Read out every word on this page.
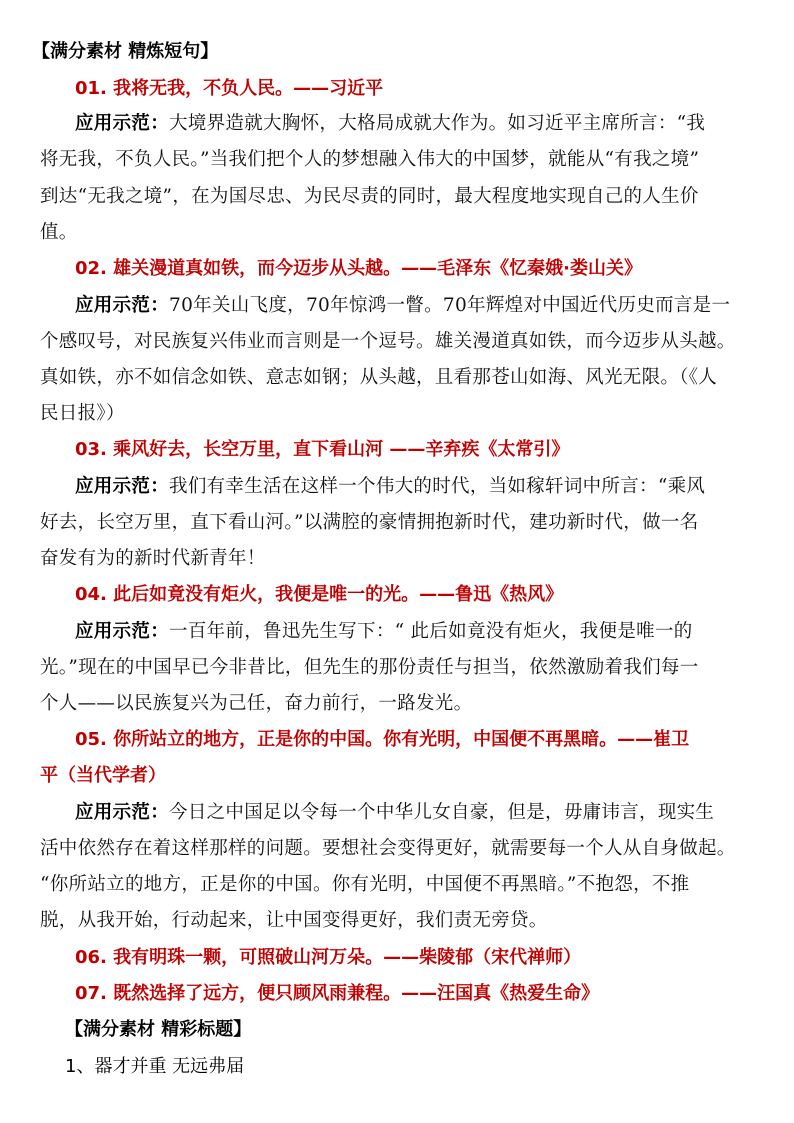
【满分素材 精炼短句】
01. 我将无我，不负人民。——习近平
应用示范：大境界造就大胸怀，大格局成就大作为。如习近平主席所言：“我
将无我，不负人民。”当我们把个人的梦想融入伟大的中国梦，就能从“有我之境”
到达“无我之境”，在为国尽忠、为民尽责的同时，最大程度地实现自己的人生价
值。
02. 雄关漫道真如铁，而今迈步从头越。——毛泽东《忆秦娥·娄山关》
应用示范：70年关山飞度，70年惊鸿一瞥。70年辉煌对中国近代历史而言是一
个感叹号，对民族复兴伟业而言则是一个逗号。雄关漫道真如铁，而今迈步从头越。
真如铁，亦不如信念如铁、意志如钢；从头越，且看那苍山如海、风光无限。（《人
民日报》）
03. 乘风好去，长空万里，直下看山河 ——辛弃疾《太常引》
应用示范：我们有幸生活在这样一个伟大的时代，当如稼轩词中所言：“乘风
好去，长空万里，直下看山河。”以满腔的豪情拥抱新时代，建功新时代，做一名
奋发有为的新时代新青年！
04. 此后如竟没有炬火，我便是唯一的光。——鲁迅《热风》
应用示范：一百年前，鲁迅先生写下：“ 此后如竟没有炬火，我便是唯一的
光。”现在的中国早已今非昔比，但先生的那份责任与担当，依然激励着我们每一
个人——以民族复兴为己任，奋力前行，一路发光。
05. 你所站立的地方，正是你的中国。你有光明，中国便不再黑暗。——崔卫
平（当代学者）
应用示范：今日之中国足以令每一个中华儿女自豪，但是，毋庸讳言，现实生
活中依然存在着这样那样的问题。要想社会变得更好，就需要每一个人从自身做起。
“你所站立的地方，正是你的中国。你有光明，中国便不再黑暗。”不抱怨，不推
脱，从我开始，行动起来，让中国变得更好，我们责无旁贷。
06. 我有明珠一颗，可照破山河万朵。——柴陵郁（宋代禅师）
07. 既然选择了远方，便只顾风雨兼程。——汪国真《热爱生命》
【满分素材 精彩标题】
1、器才并重 无远弗届
